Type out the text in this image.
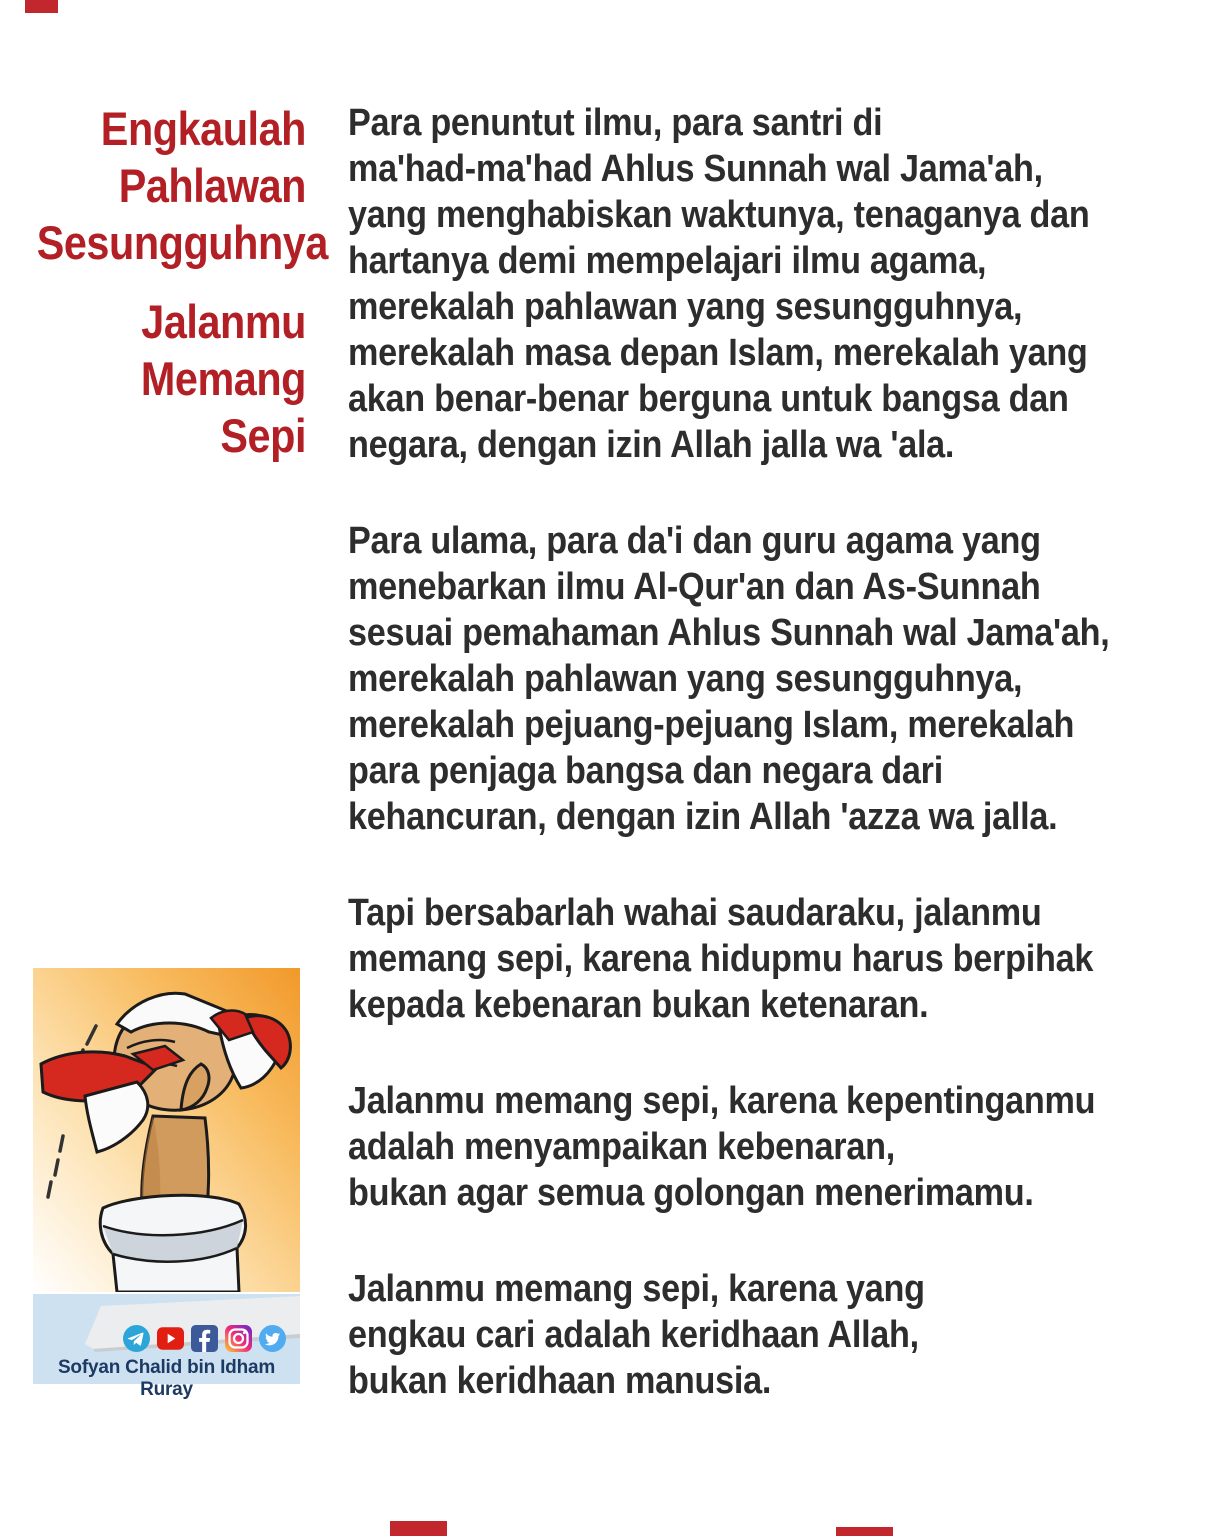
Engkaulah
Pahlawan
Sesungguhnya
Jalanmu
Memang
Sepi
Para penuntut ilmu, para santri di
ma'had-ma'had Ahlus Sunnah wal Jama'ah,
yang menghabiskan waktunya, tenaganya dan
hartanya demi mempelajari ilmu agama,
merekalah pahlawan yang sesungguhnya,
merekalah masa depan Islam, merekalah yang
akan benar-benar berguna untuk bangsa dan
negara, dengan izin Allah jalla wa 'ala.
Para ulama, para da'i dan guru agama yang
menebarkan ilmu Al-Qur'an dan As-Sunnah
sesuai pemahaman Ahlus Sunnah wal Jama'ah,
merekalah pahlawan yang sesungguhnya,
merekalah pejuang-pejuang Islam, merekalah
para penjaga bangsa dan negara dari
kehancuran, dengan izin Allah 'azza wa jalla.
Tapi bersabarlah wahai saudaraku, jalanmu
memang sepi, karena hidupmu harus berpihak
kepada kebenaran bukan ketenaran.
Jalanmu memang sepi, karena kepentinganmu
adalah menyampaikan kebenaran,
bukan agar semua golongan menerimamu.
Jalanmu memang sepi, karena yang
engkau cari adalah keridhaan Allah,
bukan keridhaan manusia.
Sofyan Chalid bin Idham Ruray
